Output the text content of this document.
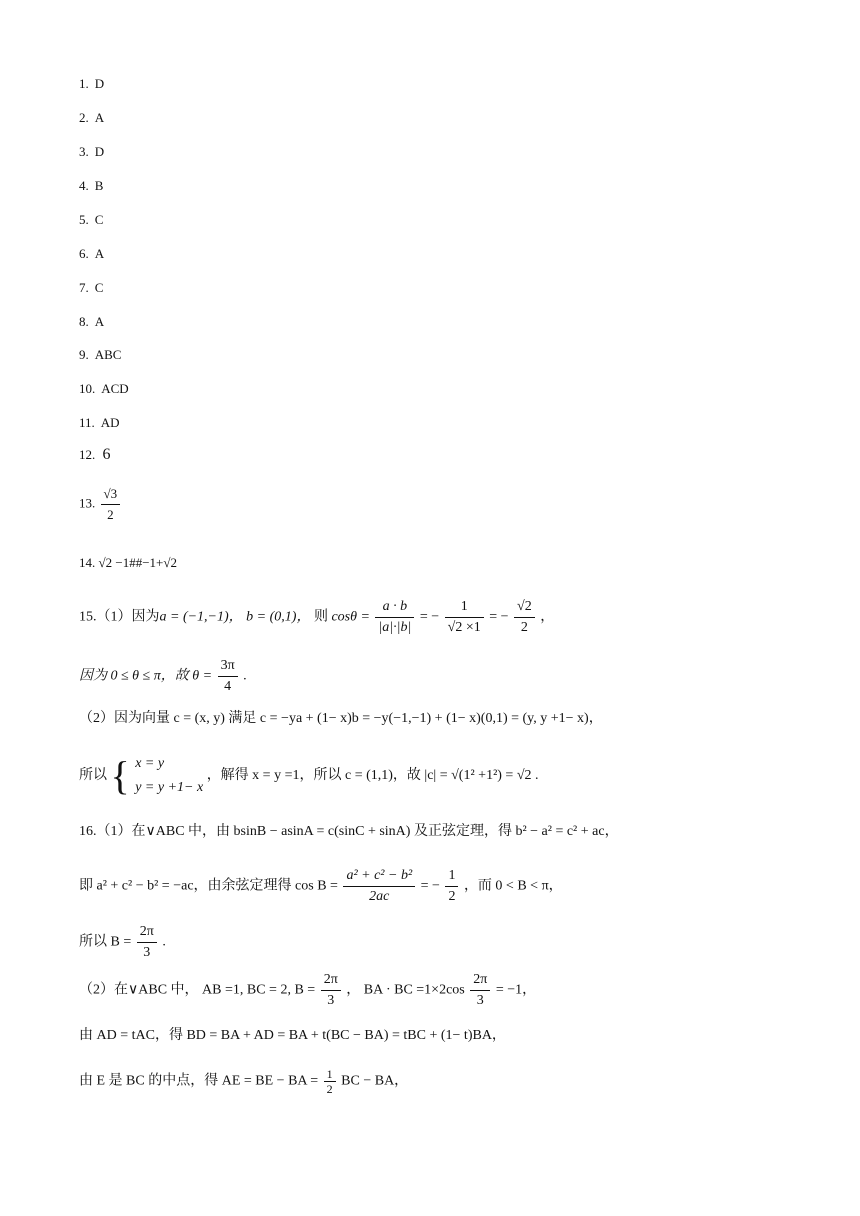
1. D
2. A
3. D
4. B
5. C
6. A
7. C
8. A
9. ABC
10. ACD
11. AD
12. 6
13. $\frac{√3}{2}$
14. √2 −1##−1+√2
15.（1）因为a = (−1,−1)， b = (0,1)， 则 $\cos\theta = \frac{a \cdot b}{|a|\cdot|b|}$ = − $\frac{1}{√2 \times 1}$ = − $\frac{√2}{2}$ ，
因为 0 ≤ θ ≤ π，故 $\theta = \frac{3\pi}{4}$ .
（2）因为向量 c = (x, y) 满足 c = −ya + (1− x)b = −y(−1,−1) + (1− x)(0,1) = (y, y +1− x)，
所以 { x = y
y = y +1− x
，解得 x = y =1，所以 c = (1,1)，故 |c| = √(1² +1²) = √2 .
16.（1）在∨ABC 中，由 bsinB − asinA = c(sinC + sinA) 及正弦定理，得 b² − a² = c² + ac，
即 a² + c² − b² = −ac，由余弦定理得 $\cos B = \frac{\text{a² + c² − b²}}{2ac}$ = − $\frac{1}{2}$ ，而 0 < B < π，
所以 $B = \frac{2\pi}{3}$ .
（2）在∨ABC 中， AB =1, BC = 2, $B = \frac{2\pi}{3}$ ， BA · BC $=1\times 2\cos \frac{2\pi}{3} = -1$，
由 AD = tAC，得 BD = BA + AD = BA + t(BC − BA) = tBC + (1− t)BA，
由 E 是 BC 的中点，得 AE = BE − BA = $\frac{1}{2}$ BC − BA，
